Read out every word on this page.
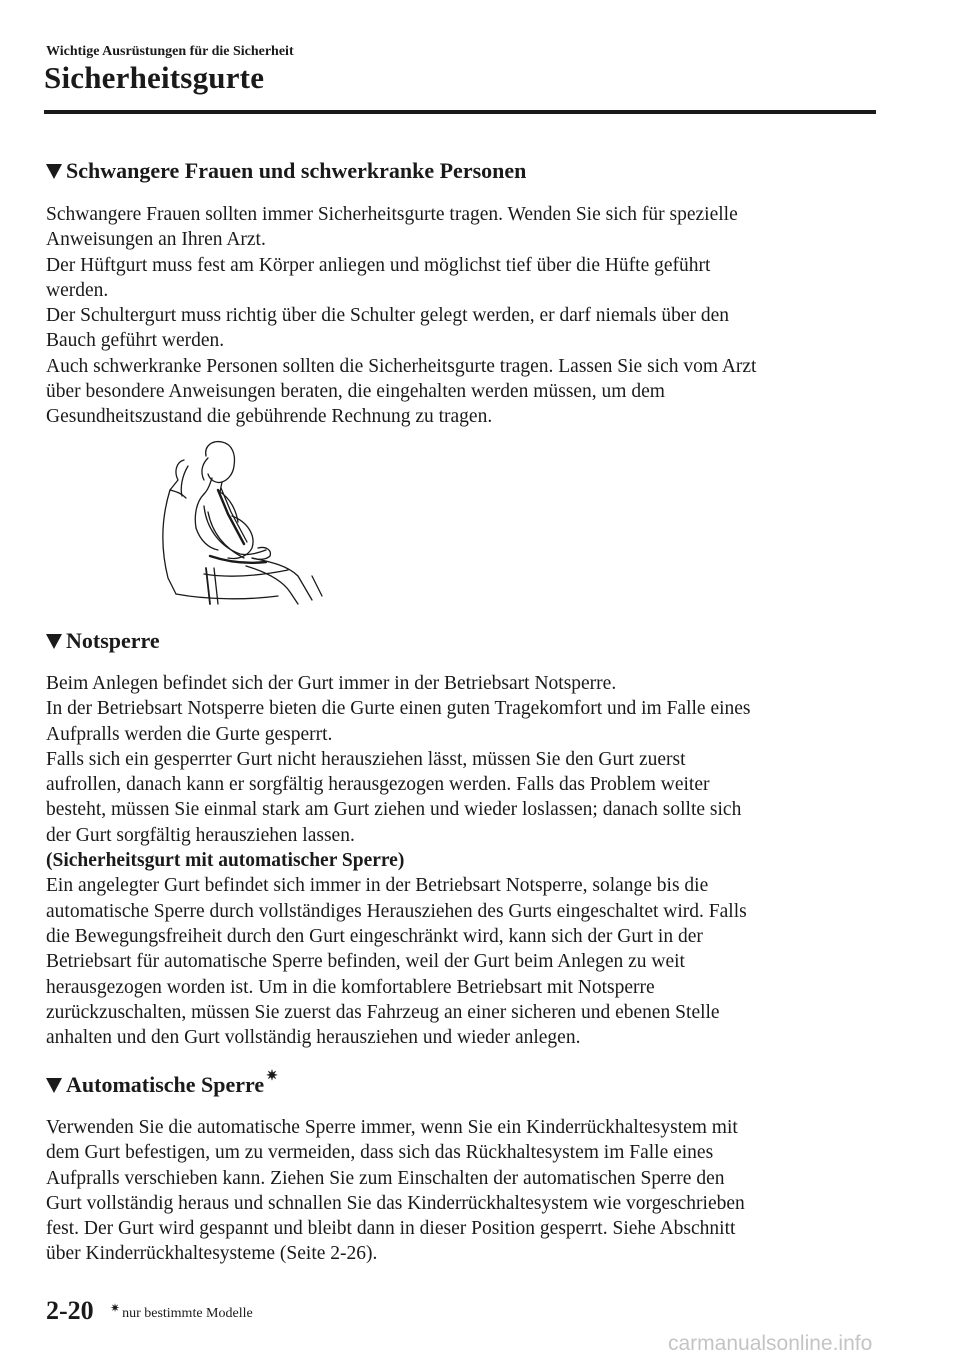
Wichtige Ausrüstungen für die Sicherheit
Sicherheitsgurte
Schwangere Frauen und schwerkranke Personen
Schwangere Frauen sollten immer Sicherheitsgurte tragen. Wenden Sie sich für spezielle
Anweisungen an Ihren Arzt.
Der Hüftgurt muss fest am Körper anliegen und möglichst tief über die Hüfte geführt
werden.
Der Schultergurt muss richtig über die Schulter gelegt werden, er darf niemals über den
Bauch geführt werden.
Auch schwerkranke Personen sollten die Sicherheitsgurte tragen. Lassen Sie sich vom Arzt
über besondere Anweisungen beraten, die eingehalten werden müssen, um dem
Gesundheitszustand die gebührende Rechnung zu tragen.
Notsperre
Beim Anlegen befindet sich der Gurt immer in der Betriebsart Notsperre.
In der Betriebsart Notsperre bieten die Gurte einen guten Tragekomfort und im Falle eines
Aufpralls werden die Gurte gesperrt.
Falls sich ein gesperrter Gurt nicht herausziehen lässt, müssen Sie den Gurt zuerst
aufrollen, danach kann er sorgfältig herausgezogen werden. Falls das Problem weiter
besteht, müssen Sie einmal stark am Gurt ziehen und wieder loslassen; danach sollte sich
der Gurt sorgfältig herausziehen lassen.
(Sicherheitsgurt mit automatischer Sperre)
Ein angelegter Gurt befindet sich immer in der Betriebsart Notsperre, solange bis die
automatische Sperre durch vollständiges Herausziehen des Gurts eingeschaltet wird. Falls
die Bewegungsfreiheit durch den Gurt eingeschränkt wird, kann sich der Gurt in der
Betriebsart für automatische Sperre befinden, weil der Gurt beim Anlegen zu weit
herausgezogen worden ist. Um in die komfortablere Betriebsart mit Notsperre
zurückzuschalten, müssen Sie zuerst das Fahrzeug an einer sicheren und ebenen Stelle
anhalten und den Gurt vollständig herausziehen und wieder anlegen.
Automatische Sperre ✷
Verwenden Sie die automatische Sperre immer, wenn Sie ein Kinderrückhaltesystem mit
dem Gurt befestigen, um zu vermeiden, dass sich das Rückhaltesystem im Falle eines
Aufpralls verschieben kann. Ziehen Sie zum Einschalten der automatischen Sperre den
Gurt vollständig heraus und schnallen Sie das Kinderrückhaltesystem wie vorgeschrieben
fest. Der Gurt wird gespannt und bleibt dann in dieser Position gesperrt. Siehe Abschnitt
über Kinderrückhaltesysteme (Seite 2-26).
2-20 ✷ nur bestimmte Modelle
carmanualsonline.info
